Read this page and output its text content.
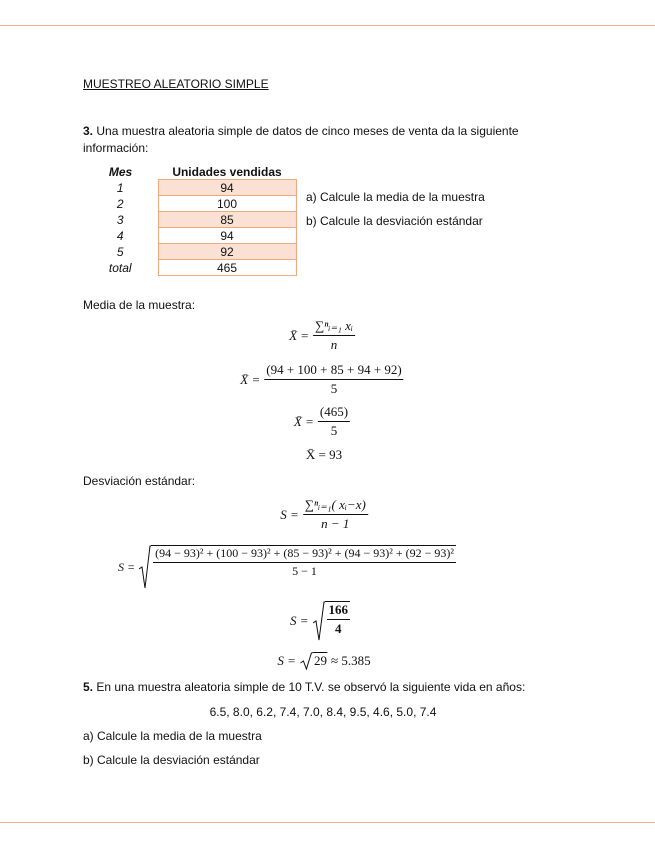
MUESTREO ALEATORIO SIMPLE
3. Una muestra aleatoria simple de datos de cinco meses de venta da la siguiente información:
Mes	Unidades vendidas
1	94
2	100
3	85
4	94
5	92
total	465
a) Calcule la media de la muestra
b) Calcule la desviación estándar
Media de la muestra:
X̄ = $\frac{\text{∑ⁿᵢ₌₁ xᵢ}}{n}$
X̄ = $\frac{(94 + 100 + 85 + 94 + 92)}{5}$
X̄ = $\frac{(465)}{5}$
X̄ = 93
Desviación estándar:
$S = \frac{\text{∑ⁿᵢ₌₁( xᵢ−x)}}{n - 1}$
S =
(94 − 93)² + (100 − 93)² + (85 − 93)² + (94 − 93)² + (92 − 93)²
5 − 1
$S = \frac{166}{4}$
S = 29 ≈ 5.385
5. En una muestra aleatoria simple de 10 T.V. se observó la siguiente vida en años:
6.5, 8.0, 6.2, 7.4, 7.0, 8.4, 9.5, 4.6, 5.0, 7.4
a) Calcule la media de la muestra
b) Calcule la desviación estándar
